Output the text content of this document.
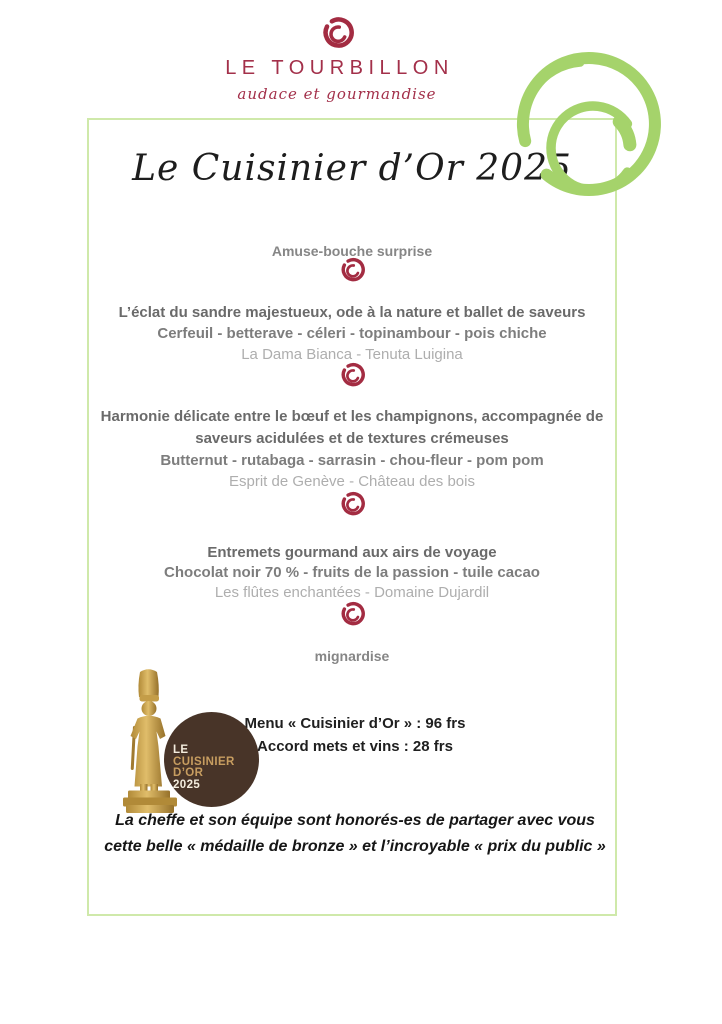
LE TOURBILLON
audace et gourmandise
Le Cuisinier d’Or 2025
Amuse-bouche surprise
L’éclat du sandre majestueux, ode à la nature et ballet de saveurs
Cerfeuil - betterave - céleri - topinambour - pois chiche
La Dama Bianca - Tenuta Luigina
Harmonie délicate entre le bœuf et les champignons, accompagnée de saveurs acidulées et de textures crémeuses
Butternut - rutabaga - sarrasin - chou-fleur - pom pom
Esprit de Genève - Château des bois
Entremets gourmand aux airs de voyage
Chocolat noir 70 % - fruits de la passion - tuile cacao
Les flûtes enchantées - Domaine Dujardil
mignardise
LE
CUISINIER
D’OR
2025
Menu « Cuisinier d’Or » : 96 frs
Accord mets et vins : 28 frs
La cheffe et son équipe sont honorés-es de partager avec vous cette belle « médaille de bronze » et l’incroyable « prix du public »
